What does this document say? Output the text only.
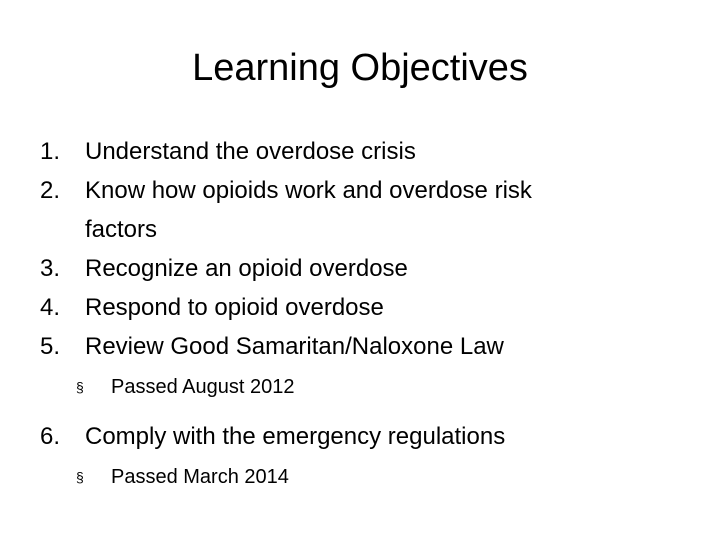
Learning Objectives
1.	Understand the overdose crisis
2.	Know how opioids work and overdose risk factors
3.	Recognize an opioid overdose
4.	Respond to opioid overdose
5.	Review Good Samaritan/Naloxone Law
§	Passed August 2012
6.	Comply with the emergency regulations
§	Passed March 2014
